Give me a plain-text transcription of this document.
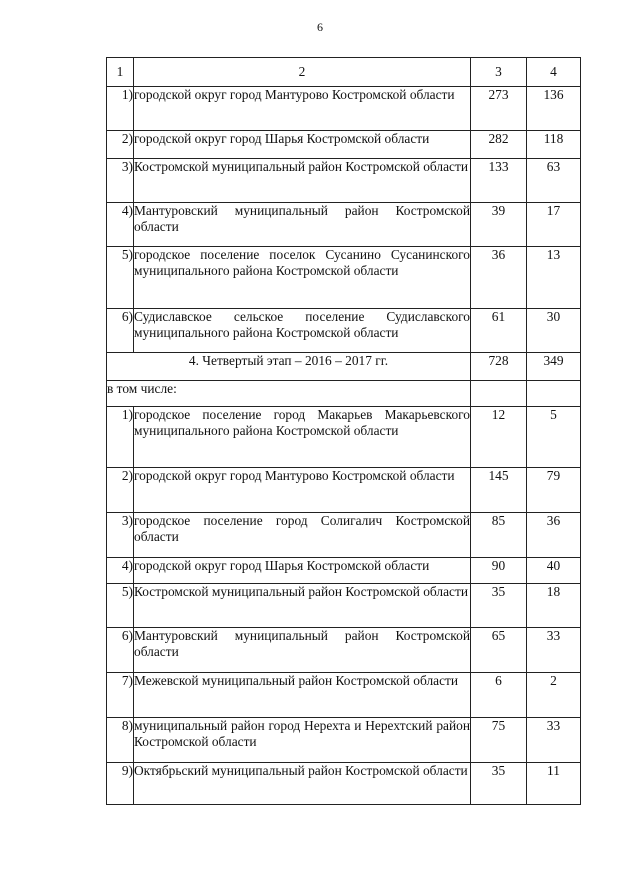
6
1	2	3	4
1)	городской округ город Мантурово Костромской области	273	136
2)	городской округ город Шарья Костромской области	282	118
3)	Костромской муниципальный район Костромской области	133	63
4)	Мантуровский муниципальный район Костромской области	39	17
5)	городское поселение поселок Сусанино Сусанинского муниципального района Костромской области	36	13
6)	Судиславское сельское поселение Судиславского муниципального района Костромской области	61	30
4. Четвертый этап – 2016 – 2017 гг.		728	349
в том числе:			
1)	городское поселение город Макарьев Макарьевского муниципального района Костромской области	12	5
2)	городской округ город Мантурово Костромской области	145	79
3)	городское поселение город Солигалич Костромской области	85	36
4)	городской округ город Шарья Костромской области	90	40
5)	Костромской муниципальный район Костромской области	35	18
6)	Мантуровский муниципальный район Костромской области	65	33
7)	Межевской муниципальный район Костромской области	6	2
8)	муниципальный район город Нерехта и Нерехтский район Костромской области	75	33
9)	Октябрьский муниципальный район Костромской области	35	11
